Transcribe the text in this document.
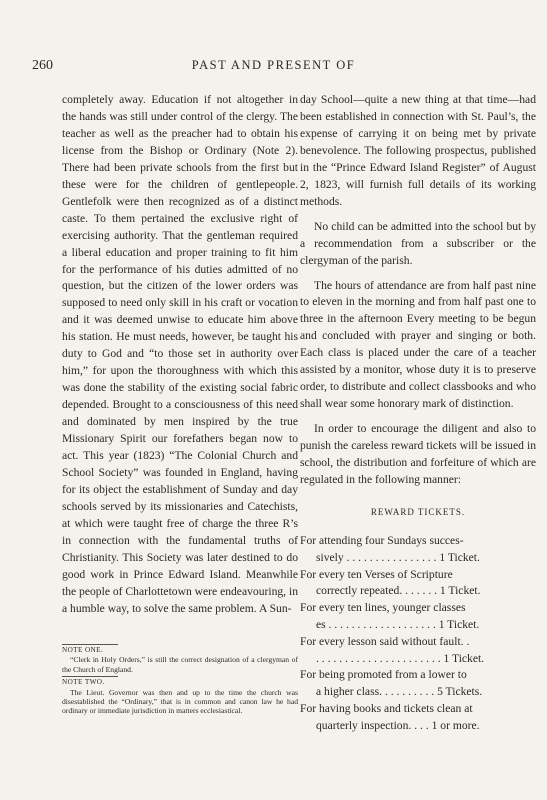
260	PAST AND PRESENT OF

completely away. Education if not altogether in the hands was still under control of the clergy. The teacher as well as the preacher had to obtain his license from the Bishop or Ordinary (Note 2). There had been private schools from the first but these were for the children of gentlepeople. Gentlefolk were then recognized as of a distinct caste. To them pertained the exclusive right of exercising authority. That the gentleman required a liberal education and proper training to fit him for the performance of his duties admitted of no question, but the citizen of the lower orders was supposed to need only skill in his craft or vocation and it was deemed unwise to educate him above his station. He must needs, however, be taught his duty to God and “to those set in authority over him,” for upon the thoroughness with which this was done the stability of the existing social fabric depended. Brought to a consciousness of this need and dominated by men inspired by the true Missionary Spirit our forefathers began now to act. This year (1823) “The Colonial Church and School Society” was founded in England, having for its object the establishment of Sunday and day schools served by its missionaries and Catechists, at which were taught free of charge the three R’s in connection with the fundamental truths of Christianity. This Society was later destined to do good work in Prince Edward Island. Meanwhile the people of Charlottetown were endeavouring, in a humble way, to solve the same problem. A Sun-

NOTE ONE.

“Clerk in Holy Orders,” is still the correct designation of a clergyman of the Church of England.

NOTE TWO.

The Lieut. Governor was then and up to the time the church was disestablished the “Ordinary,” that is in common and canon law he had ordinary or immediate jurisdiction in matters ecclesiastical.

day School—quite a new thing at that time—had been established in connection with St. Paul’s, the expense of carrying it on being met by private benevolence. The following prospectus, published in the “Prince Edward Island Register” of August 2, 1823, will furnish full details of its working methods.

No child can be admitted into the school but by a recommendation from a subscriber or the clergyman of the parish.

The hours of attendance are from half past nine to eleven in the morning and from half past one to three in the afternoon Every meeting to be begun and concluded with prayer and singing or both. Each class is placed under the care of a teacher assisted by a monitor, whose duty it is to preserve order, to distribute and collect classbooks and who shall wear some honorary mark of distinction.

In order to encourage the diligent and also to punish the careless reward tickets will be issued in school, the distribution and forfeiture of which are regulated in the following manner:

REWARD TICKETS.

For attending four Sundays succes-
sively . . . . . . . . . . . . . . . . 1 Ticket.

For every ten Verses of Scripture
correctly repeated. . . . . . . 1 Ticket.

For every ten lines, younger classes
es . . . . . . . . . . . . . . . . . . . 1 Ticket.

For every lesson said without fault. .
. . . . . . . . . . . . . . . . . . . . . . 1 Ticket.

For being promoted from a lower to
a higher class. . . . . . . . . . 5 Tickets.

For having books and tickets clean at
quarterly inspection. . . . 1 or more.
